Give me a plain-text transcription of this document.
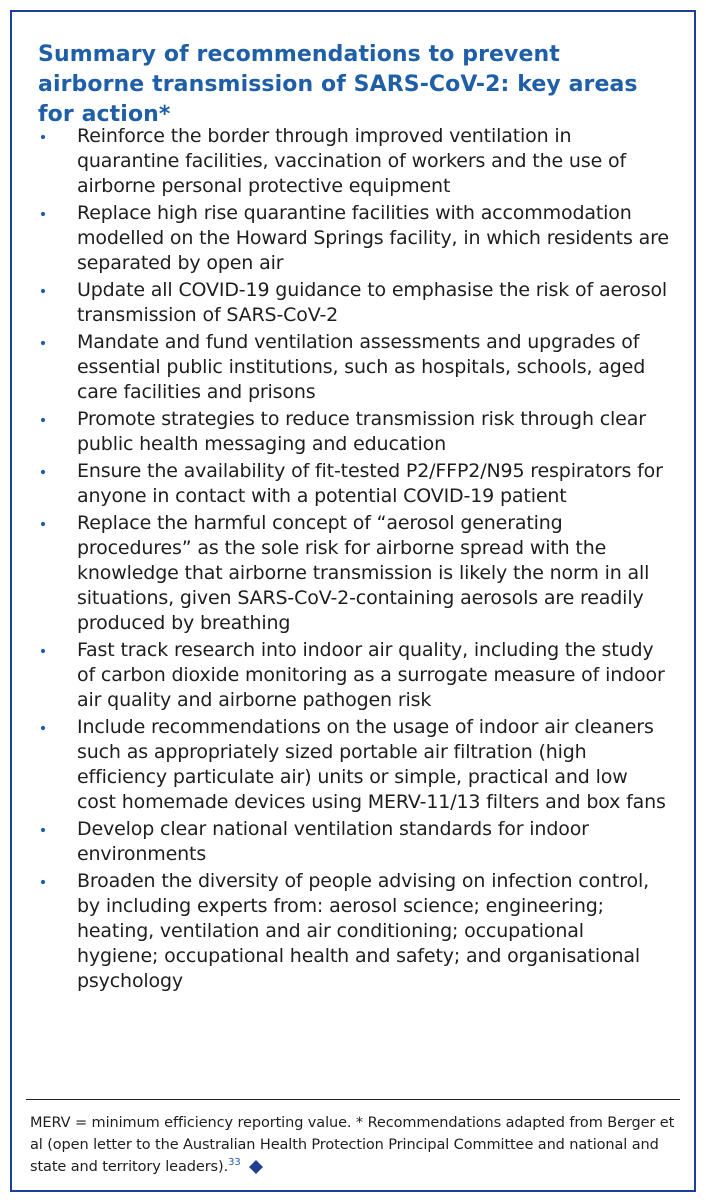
Summary of recommendations to prevent airborne transmission of SARS-CoV-2: key areas for action*
Reinforce the border through improved ventilation in quarantine facilities, vaccination of workers and the use of airborne personal protective equipment
Replace high rise quarantine facilities with accommodation modelled on the Howard Springs facility, in which residents are separated by open air
Update all COVID-19 guidance to emphasise the risk of aerosol transmission of SARS-CoV-2
Mandate and fund ventilation assessments and upgrades of essential public institutions, such as hospitals, schools, aged care facilities and prisons
Promote strategies to reduce transmission risk through clear public health messaging and education
Ensure the availability of fit-tested P2/FFP2/N95 respirators for anyone in contact with a potential COVID-19 patient
Replace the harmful concept of “aerosol generating procedures” as the sole risk for airborne spread with the knowledge that airborne transmission is likely the norm in all situations, given SARS-CoV-2-containing aerosols are readily produced by breathing
Fast track research into indoor air quality, including the study of carbon dioxide monitoring as a surrogate measure of indoor air quality and airborne pathogen risk
Include recommendations on the usage of indoor air cleaners such as appropriately sized portable air filtration (high efficiency particulate air) units or simple, practical and low cost homemade devices using MERV-11/13 filters and box fans
Develop clear national ventilation standards for indoor environments
Broaden the diversity of people advising on infection control, by including experts from: aerosol science; engineering; heating, ventilation and air conditioning; occupational hygiene; occupational health and safety; and organisational psychology

MERV = minimum efficiency reporting value. * Recommendations adapted from Berger et al (open letter to the Australian Health Protection Principal Committee and national and state and territory leaders).$^{33}$
